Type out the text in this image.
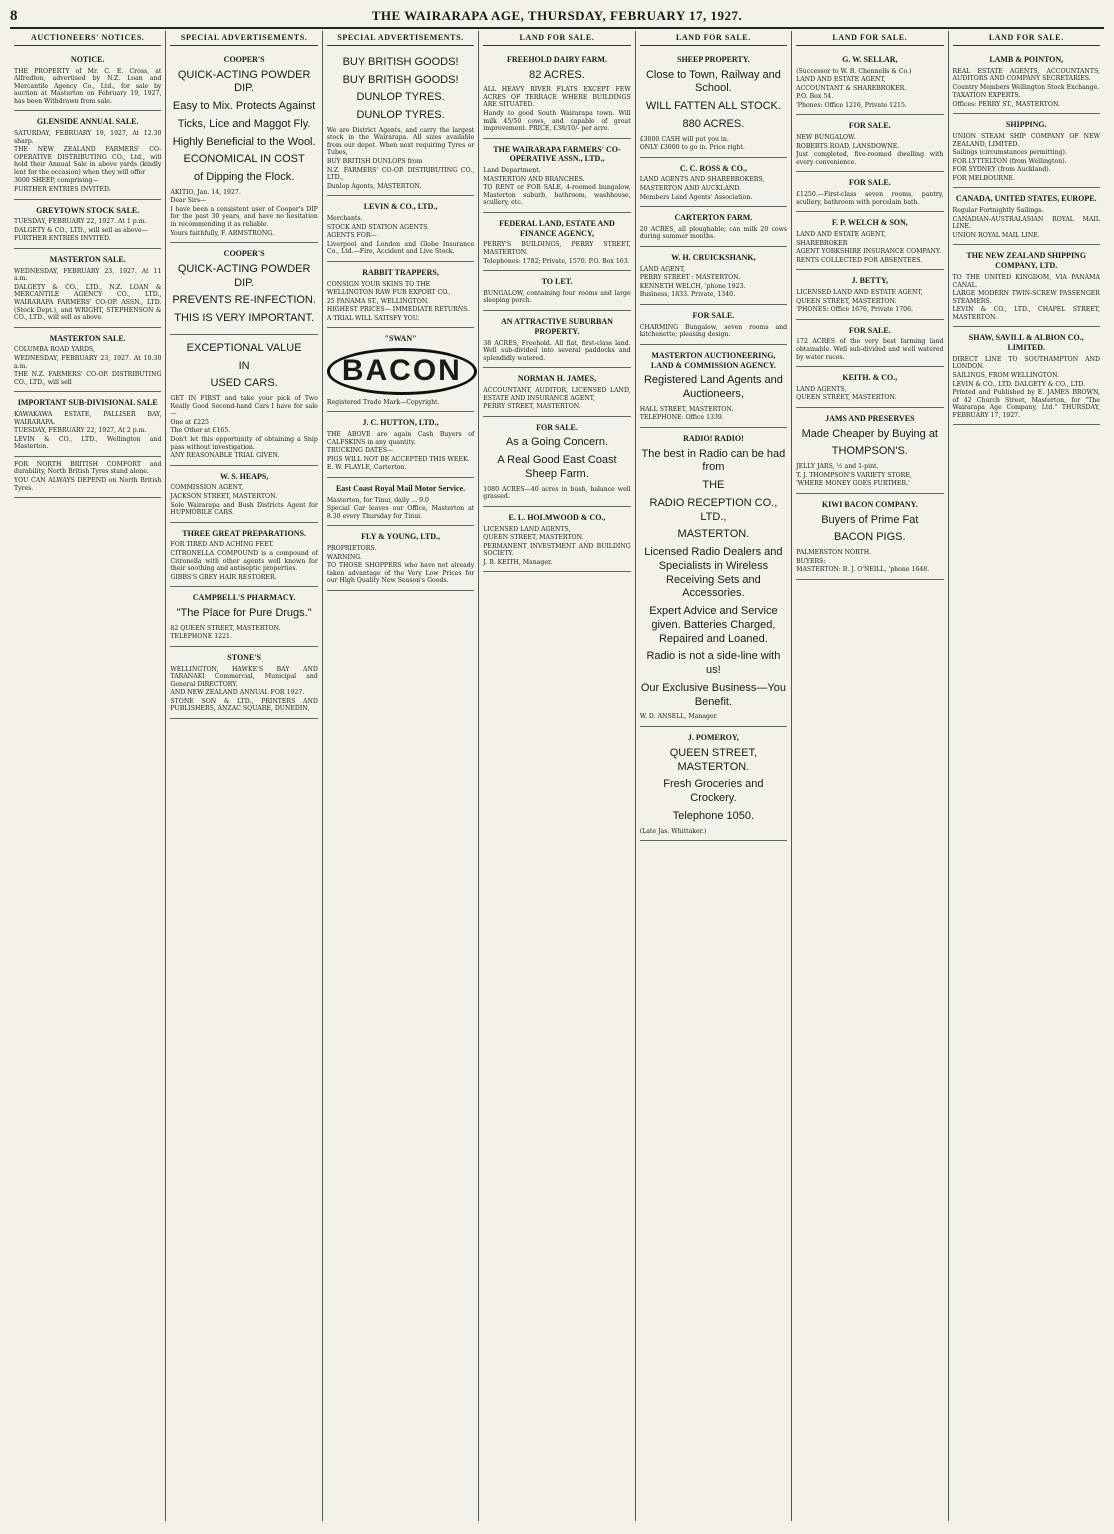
8	THE WAIRARAPA AGE, THURSDAY, FEBRUARY 17, 1927.
AUCTIONEERS' NOTICES.
NOTICE.

THE PROPERTY of Mr. C. E. Cross, at Alfredton, advertised by N.Z. Loan and Mercantile Agency Co., Ltd., for sale by auction at Masterton on February 19, 1927, has been Withdrawn from sale.

GLENSIDE ANNUAL SALE.

SATURDAY, FEBRUARY 19, 1927, At 12.30 sharp.

THE NEW ZEALAND FARMERS' CO-OPERATIVE DISTRIBUTING CO., Ltd., will hold their Annual Sale in above yards (kindly lent for the occasion) when they will offer

3000 SHEEP, comprising—

FURTHER ENTRIES INVITED.

GREYTOWN STOCK SALE.

TUESDAY, FEBRUARY 22, 1927. At 1 p.m.

DALGETY & CO., LTD., will sell as above—

FURTHER ENTRIES INVITED.

MASTERTON SALE.

WEDNESDAY, FEBRUARY 23, 1927. At 11 a.m.

DALGETY & CO., LTD., N.Z. LOAN & MERCANTILE AGENCY CO., LTD., WAIRARAPA FARMERS' CO-OP. ASSN., LTD. (Stock Dept.), and WRIGHT, STEPHENSON & CO., LTD., will sell as above.

MASTERTON SALE.

COLUMBA ROAD YARDS,

WEDNESDAY, FEBRUARY 23, 1927. At 10.30 a.m.

THE N.Z. FARMERS' CO-OP. DISTRIBUTING CO., LTD., will sell

IMPORTANT SUB-DIVISIONAL SALE

KAWAKAWA ESTATE, PALLISER BAY, WAIRARAPA.

TUESDAY, FEBRUARY 22, 1927, At 2 p.m.

LEVIN & CO., LTD., Wellington and Masterton.

FOR NORTH BRITISH COMFORT and durability, North British Tyres stand alone.

YOU CAN ALWAYS DEPEND on North British Tyres.

SPECIAL ADVERTISEMENTS.
COOPER'S
QUICK-ACTING POWDER DIP.
Easy to Mix. Protects Against
Ticks, Lice and Maggot Fly.
Highly Beneficial to the Wool.
ECONOMICAL IN COST
of Dipping the Flock.

AKITIO, Jan. 14, 1927.

Dear Sirs—

I have been a consistent user of Cooper's DIP for the past 30 years, and have no hesitation in recommending it as reliable.

Yours faithfully, F. ARMSTRONG.

COOPER'S
QUICK-ACTING POWDER DIP.
PREVENTS RE-INFECTION.
THIS IS VERY IMPORTANT.
EXCEPTIONAL VALUE
IN
USED CARS.

GET IN FIRST and take your pick of Two Really Good Second-hand Cars I have for sale—

One at £225

The Other at £165.

Don't let this opportunity of obtaining a Snip pass without investigation.

ANY REASONABLE TRIAL GIVEN.

W. S. HEAPS,

COMMISSION AGENT,

JACKSON STREET, MASTERTON.

Sole Wairarapa and Bush Districts Agent for HUPMOBILE CARS.

THREE GREAT PREPARATIONS.

FOR TIRED AND ACHING FEET.

CITRONELLA COMPOUND is a compound of Citronella with other agents well known for their soothing and antiseptic properties.

GIBBS'S GREY HAIR RESTORER.

CAMPBELL'S PHARMACY.
"The Place for Pure Drugs."

82 QUEEN STREET, MASTERTON.

TELEPHONE 1221.

STONE'S

WELLINGTON, HAWKE'S BAY AND TARANAKI Commercial, Municipal and General DIRECTORY.

AND NEW ZEALAND ANNUAL FOR 1927.

STONE SON & LTD., PRINTERS AND PUBLISHERS, ANZAC SQUARE, DUNEDIN.

SPECIAL ADVERTISEMENTS.
BUY BRITISH GOODS!
BUY BRITISH GOODS!
DUNLOP TYRES.
DUNLOP TYRES.

We are District Agents, and carry the largest stock in the Wairarapa. All sizes available from our depot. When next requiring Tyres or Tubes,

BUY BRITISH DUNLOPS from

N.Z. FARMERS' CO-OP. DISTRIBUTING CO., LTD.,

Dunlop Agents, MASTERTON.

LEVIN & CO., LTD.,

Merchants.

STOCK AND STATION AGENTS.

AGENTS FOR—

Liverpool and London and Globe Insurance Co., Ltd.—Fire, Accident and Live Stock.

RABBIT TRAPPERS,

CONSIGN YOUR SKINS TO THE

WELLINGTON RAW FUR EXPORT CO.,

25 PANAMA ST., WELLINGTON.

HIGHEST PRICES— IMMEDIATE RETURNS.

A TRIAL WILL SATISFY YOU.

"SWAN"
BACON

Registered Trade Mark—Copyright.

J. C. HUTTON, LTD.,

THE ABOVE are again Cash Buyers of CALFSKINS in any quantity.

TRUCKING DATES—

PIGS WILL NOT BE ACCEPTED THIS WEEK.

E. W. FLAYLE, Carterton.

East Coast Royal Mail Motor Service.

Masterton, for Tinui, daily ... 9.0

Special Car leaves our Office, Masterton at 8.30 every Thursday for Tinui.

FLY & YOUNG, LTD.,

PROPRIETORS.

WARNING.

TO THOSE SHOPPERS who have not already taken advantage of the Very Low Prices for our High Quality New Season's Goods.

LAND FOR SALE.
FREEHOLD DAIRY FARM.
82 ACRES.

ALL HEAVY RIVER FLATS EXCEPT FEW ACRES OF TERRACE WHERE BUILDINGS ARE SITUATED.

Handy to good South Wairarapa town. Will milk 45/50 cows, and capable of great improvement. PRICE, £38/10/- per acre.

THE WAIRARAPA FARMERS' CO-OPERATIVE ASSN., LTD.,

Land Department.

MASTERTON AND BRANCHES.

TO RENT or FOR SALE, 4-roomed bungalow, Masterton suburb, bathroom, washhouse, scullery, etc.

FEDERAL LAND, ESTATE AND FINANCE AGENCY,

PERRY'S BUILDINGS, PERRY STREET, MASTERTON.

Telephones: 1782; Private, 1570. P.O. Box 163.

TO LET.

BUNGALOW, containing four rooms and large sleeping porch.

AN ATTRACTIVE SUBURBAN PROPERTY.

38 ACRES, Freehold. All flat, first-class land. Well sub-divided into several paddocks and splendidly watered.

NORMAN H. JAMES,

ACCOUNTANT, AUDITOR, LICENSED LAND, ESTATE AND INSURANCE AGENT,

PERRY STREET, MASTERTON.

FOR SALE.
As a Going Concern.
A Real Good East Coast Sheep Farm.

1080 ACRES—40 acres in bush, balance well grassed.

E. L. HOLMWOOD & CO.,

LICENSED LAND AGENTS,

QUEEN STREET, MASTERTON.

PERMANENT INVESTMENT AND BUILDING SOCIETY.

J. B. KEITH, Manager.

LAND FOR SALE.
SHEEP PROPERTY.
Close to Town, Railway and School.
WILL FATTEN ALL STOCK.
880 ACRES.

£3000 CASH will put you in.

ONLY £3000 to go in. Price right.

C. C. ROSS & CO.,

LAND AGENTS AND SHAREBROKERS,

MASTERTON AND AUCKLAND.

Members Land Agents' Association.

CARTERTON FARM.

20 ACRES, all ploughable; can milk 20 cows during summer months.

W. H. CRUICKSHANK,

LAND AGENT,

PERRY STREET : MASTERTON.

KENNETH WELCH, 'phone 1923.

Business, 1833. Private, 1340.

FOR SALE.

CHARMING Bungalow, seven rooms and kitchenette; pleasing design.

MASTERTON AUCTIONEERING, LAND & COMMISSION AGENCY.
Registered Land Agents and Auctioneers,

HALL STREET, MASTERTON.

TELEPHONE: Office 1339.

RADIO! RADIO!
The best in Radio can be had from
THE
RADIO RECEPTION CO., LTD.,
MASTERTON.
Licensed Radio Dealers and Specialists in Wireless Receiving Sets and Accessories.
Expert Advice and Service given. Batteries Charged, Repaired and Loaned.
Radio is not a side-line with us!
Our Exclusive Business—You Benefit.

W. D. ANSELL, Manager.

J. POMEROY,
QUEEN STREET, MASTERTON.
Fresh Groceries and Crockery.
Telephone 1050.

(Late Jas. Whittaker.)

LAND FOR SALE.
G. W. SELLAR,

(Successor to W. B. Chennells & Co.)

LAND AND ESTATE AGENT,

ACCOUNTANT & SHAREBROKER.

P.O. Box 54.

'Phones: Office 1216, Private 1215.

FOR SALE.

NEW BUNGALOW.

ROBERTS ROAD, LANSDOWNE.

Just completed, five-roomed dwelling with every convenience.

FOR SALE.

£1250.—First-class seven rooms, pantry, scullery, bathroom with porcelain bath.

F. P. WELCH & SON,

LAND AND ESTATE AGENT,

SHAREBROKER

AGENT YORKSHIRE INSURANCE COMPANY.

RENTS COLLECTED FOR ABSENTEES.

J. BETTY,

LICENSED LAND AND ESTATE AGENT,

QUEEN STREET, MASTERTON.

'PHONES: Office 1676, Private 1706.

FOR SALE.

172 ACRES of the very best farming land obtainable. Well sub-divided and well watered by water races.

KEITH. & CO.,

LAND AGENTS,

QUEEN STREET, MASTERTON.

JAMS AND PRESERVES
Made Cheaper by Buying at
THOMPSON'S.

JELLY JARS, ½ and 1-pint.

T. J. THOMPSON'S VARIETY STORE,

'WHERE MONEY GOES FURTHER.'

KIWI BACON COMPANY.
Buyers of Prime Fat
BACON PIGS.

PALMERSTON NORTH.

BUYERS:

MASTERTON: B. J. O'NEILL, 'phone 1648.

LAND FOR SALE.
LAMB & POINTON,

REAL ESTATE AGENTS, ACCOUNTANTS, AUDITORS AND COMPANY SECRETARIES.

Country Members Wellington Stock Exchange.

TAXATION EXPERTS.

Offices: PERRY ST., MASTERTON.

SHIPPING.

UNION STEAM SHIP COMPANY OF NEW ZEALAND, LIMITED.

Sailings (circumstances permitting).

FOR LYTTELTON (from Wellington).

FOR SYDNEY (from Auckland).

FOR MELBOURNE.

CANADA, UNITED STATES, EUROPE.

Regular Fortnightly Sailings.

CANADIAN-AUSTRALASIAN ROYAL MAIL LINE.

UNION ROYAL MAIL LINE.

THE NEW ZEALAND SHIPPING COMPANY, LTD.

TO THE UNITED KINGDOM, VIA PANAMA CANAL.

LARGE MODERN TWIN-SCREW PASSENGER STEAMERS.

LEVIN & CO., LTD., CHAPEL STREET, MASTERTON.

SHAW, SAVILL & ALBION CO., LIMITED.

DIRECT LINE TO SOUTHAMPTON AND LONDON.

SAILINGS, FROM WELLINGTON.

LEVIN & CO., LTD. DALGETY & CO., LTD.

Printed and Published by E. JAMES BROWN, of 42 Church Street, Masterton, for "The Wairarapa Age Company, Ltd." THURSDAY, FEBRUARY 17, 1927.
